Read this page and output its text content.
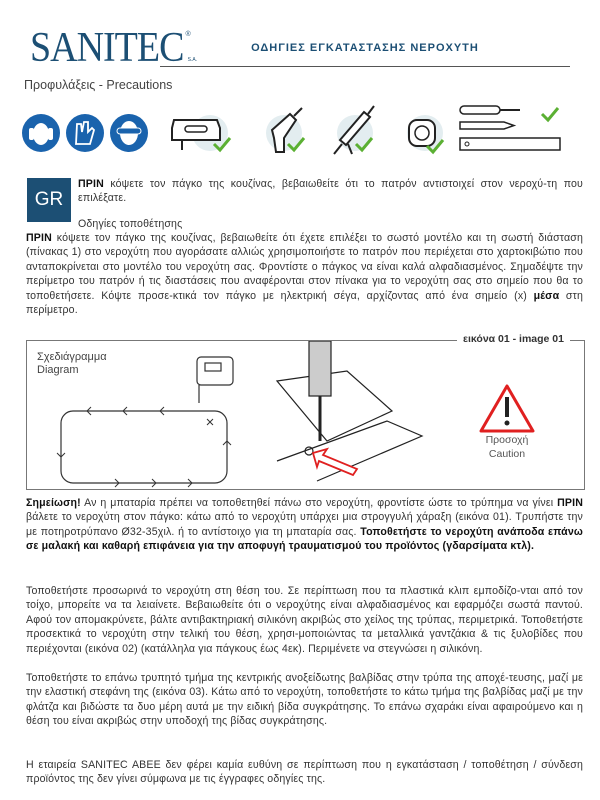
SANITEC ®S.A.
ΟΔΗΓΙΕΣ ΕΓΚΑΤΑΣΤΑΣΗΣ ΝΕΡΟΧΥΤΗ
Προφυλάξεις - Precautions
GR
ΠΡΙΝ κόψετε τον πάγκο της κουζίνας, βεβαιωθείτε ότι το πατρόν αντιστοιχεί στον νεροχύ-τη που επιλέξατε.
Οδηγίες τοποθέτησης
ΠΡΙΝ κόψετε τον πάγκο της κουζίνας, βεβαιωθείτε ότι έχετε επιλέξει το σωστό μοντέλο και τη σωστή διάσταση (πίνακας 1) στο νεροχύτη που αγοράσατε αλλιώς χρησιμοποιήστε το πατρόν που περιέχεται στο χαρτοκιβώτιο που ανταποκρίνεται στο μοντέλο του νεροχύτη σας. Φροντίστε ο πάγκος να είναι καλά αλφαδιασμένος. Σημαδέψτε την περίμετρο του πατρόν ή τις διαστάσεις που αναφέρονται στον πίνακα για το νεροχύτη σας στο σημείο που θα το τοποθετήσετε. Κόψτε προσε-κτικά τον πάγκο με ηλεκτρική σέγα, αρχίζοντας από ένα σημείο (x) μέσα στη περίμετρο.
εικόνα 01 - image 01
Σχεδιάγραμμα
Diagram
Προσοχή
Caution
Σημείωση! Αν η μπαταρία πρέπει να τοποθετηθεί πάνω στο νεροχύτη, φροντίστε ώστε το τρύπημα να γίνει ΠΡΙΝ βάλετε το νεροχύτη στον πάγκο: κάτω από το νεροχύτη υπάρχει μια στρογγυλή χάραξη (εικόνα 01). Τρυπήστε την με ποτηροτρύπανο Ø32-35χιλ. ή το αντίστοιχο για τη μπαταρία σας. Τοποθετήστε το νεροχύτη ανάποδα επάνω σε μαλακή και καθαρή επιφάνεια για την αποφυγή τραυματισμού του προϊόντος (γδαρσίματα κτλ).
Τοποθετήστε προσωρινά το νεροχύτη στη θέση του. Σε περίπτωση που τα πλαστικά κλιπ εμποδίζο-νται από τον τοίχο, μπορείτε να τα λειαίνετε. Βεβαιωθείτε ότι ο νεροχύτης είναι αλφαδιασμένος και εφαρμόζει σωστά παντού. Αφού τον απομακρύνετε, βάλτε αντιβακτηριακή σιλικόνη ακριβώς στο χείλος της τρύπας, περιμετρικά. Τοποθετήστε προσεκτικά το νεροχύτη στην τελική του θέση, χρησι-μοποιώντας τα μεταλλικά γαντζάκια & τις ξυλοβίδες που περιέχονται (εικόνα 02) (κατάλληλα για πάγκους έως 4εκ). Περιμένετε να στεγνώσει η σιλικόνη.
Τοποθετήστε το επάνω τρυπητό τμήμα της κεντρικής ανοξείδωτης βαλβίδας στην τρύπα της αποχέ-τευσης, μαζί με την ελαστική στεφάνη της (εικόνα 03). Κάτω από το νεροχύτη, τοποθετήστε το κάτω τμήμα της βαλβίδας μαζί με την φλάτζα και βιδώστε τα δυο μέρη αυτά με την ειδική βίδα συγκράτησης. Το επάνω σχαράκι είναι αφαιρούμενο και η θέση του είναι ακριβώς στην υποδοχή της βίδας συγκράτησης.
Η εταιρεία SANITEC ABEE δεν φέρει καμία ευθύνη σε περίπτωση που η εγκατάσταση / τοποθέτηση / σύνδεση προϊόντος της δεν γίνει σύμφωνα με τις έγγραφες οδηγίες της.
